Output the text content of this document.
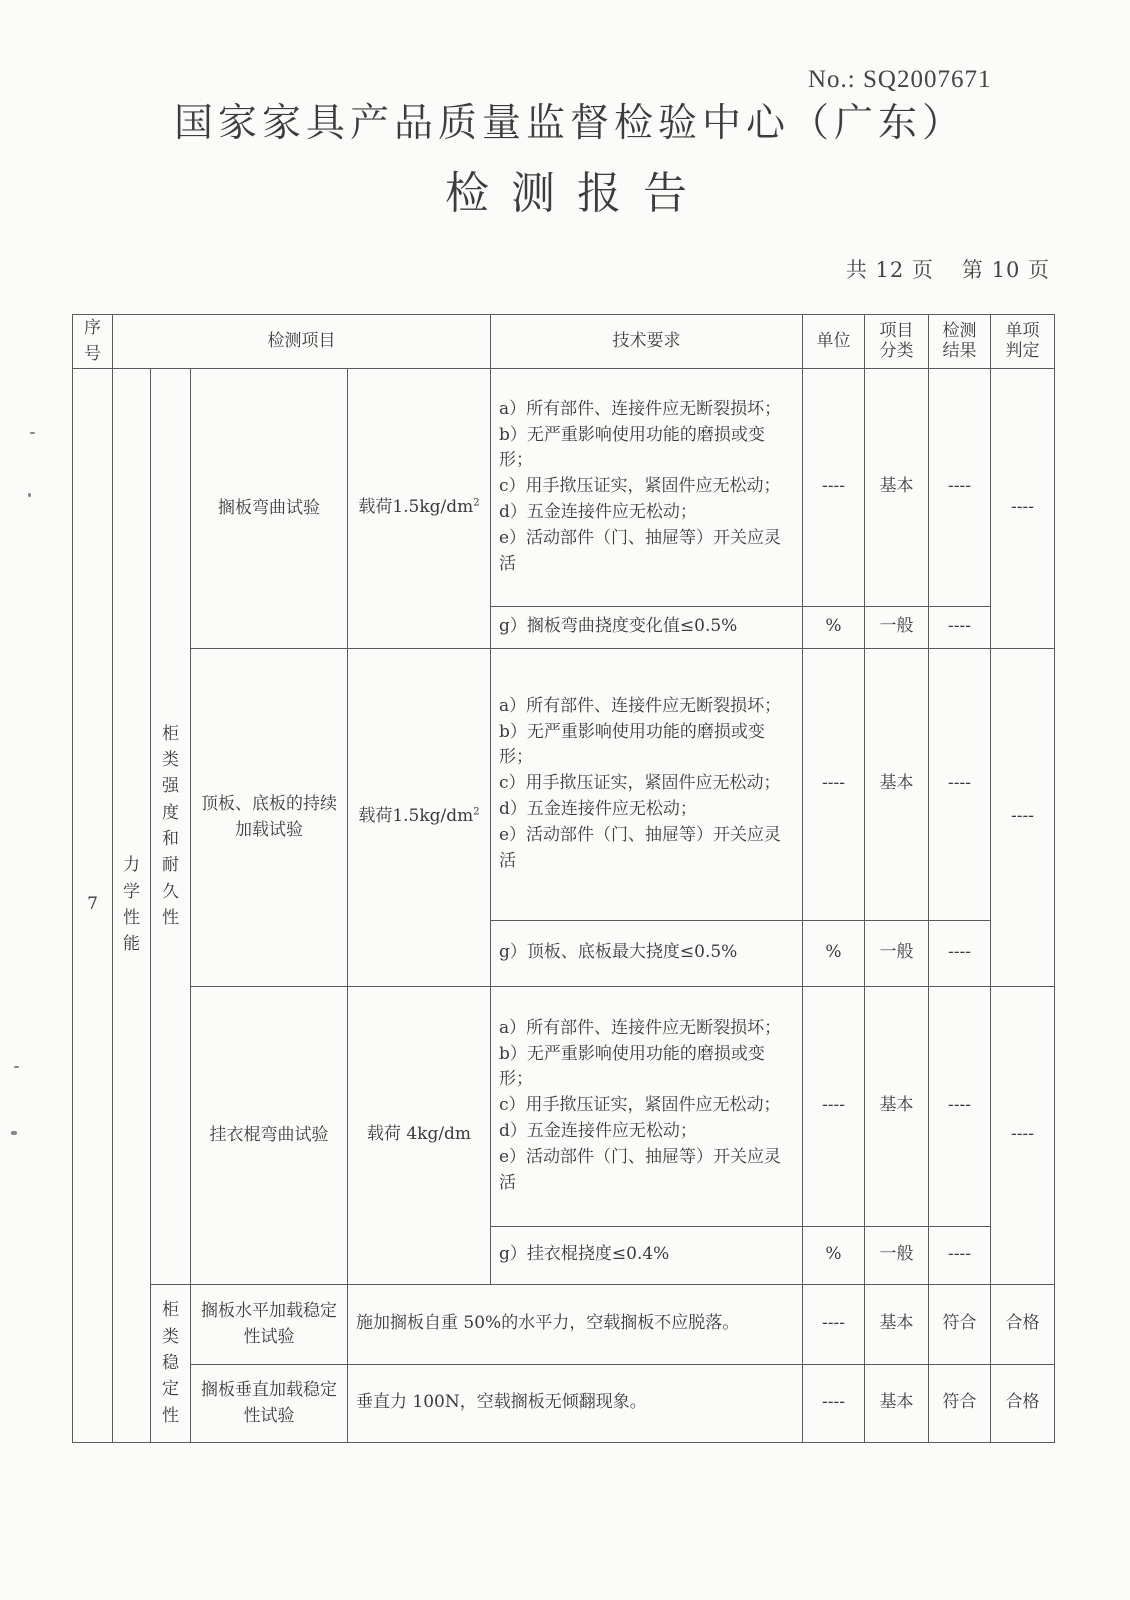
No.: SQ2007671
国家家具产品质量监督检验中心（广东）
检测报告
共 12 页 第 10 页
序号	检测项目				技术要求	单位	项目分类	检测结果	单项判定
7	力学性能	柜类强度和耐久性	搁板弯曲试验	载荷$1.5kg/dm^2$	a）所有部件、连接件应无断裂损坏；
b）无严重影响使用功能的磨损或变形；
c）用手揿压证实，紧固件应无松动；
d）五金连接件应无松动；
e）活动部件（门、抽屉等）开关应灵活	----	基本	----	----
					g）搁板弯曲挠度变化值≤0.5%	%	一般	----	
			顶板、底板的持续加载试验	载荷$1.5kg/dm^2$	a）所有部件、连接件应无断裂损坏；
b）无严重影响使用功能的磨损或变形；
c）用手揿压证实，紧固件应无松动；
d）五金连接件应无松动；
e）活动部件（门、抽屉等）开关应灵活	----	基本	----	----
					g）顶板、底板最大挠度≤0.5%	%	一般	----	
			挂衣棍弯曲试验	载荷 4kg/dm	a）所有部件、连接件应无断裂损坏；
b）无严重影响使用功能的磨损或变形；
c）用手揿压证实，紧固件应无松动；
d）五金连接件应无松动；
e）活动部件（门、抽屉等）开关应灵活	----	基本	----	----
					g）挂衣棍挠度≤0.4%	%	一般	----	
		柜类稳定性	搁板水平加载稳定性试验	施加搁板自重 50%的水平力，空载搁板不应脱落。		----	基本	符合	合格
			搁板垂直加载稳定性试验	垂直力 100N，空载搁板无倾翻现象。		----	基本	符合	合格
